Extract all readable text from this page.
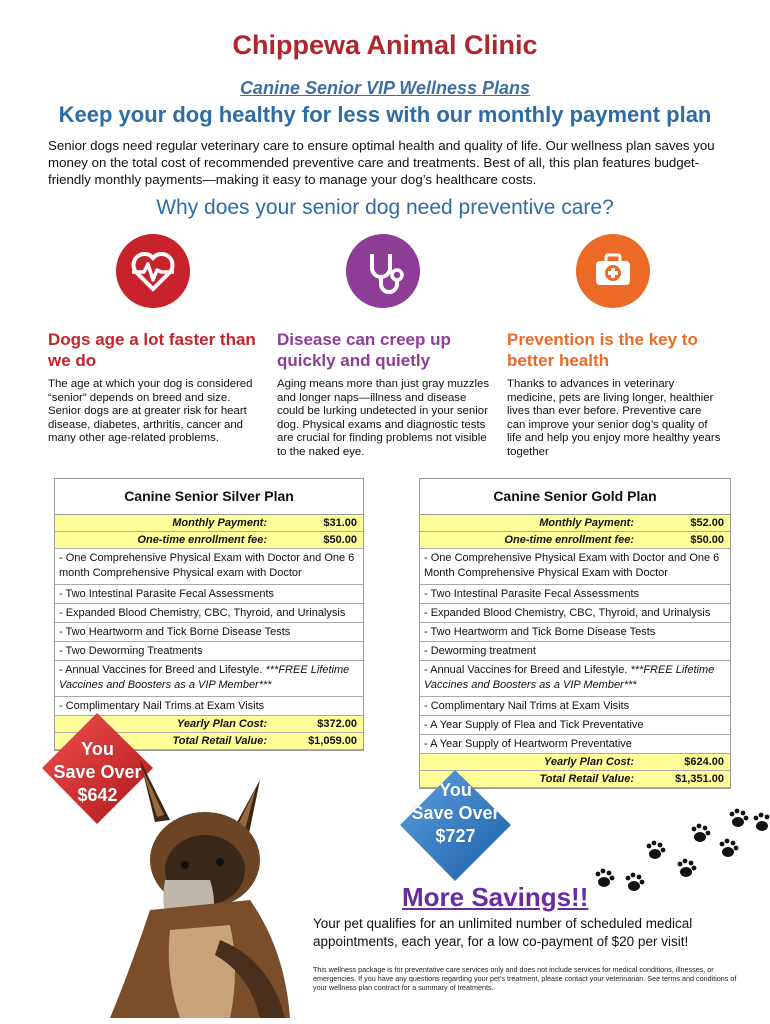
Chippewa Animal Clinic
Canine Senior VIP Wellness Plans
Keep your dog healthy for less with our monthly payment plan
Senior dogs need regular veterinary care to ensure optimal health and quality of life. Our wellness plan saves you money on the total cost of recommended preventive care and treatments. Best of all, this plan features budget-friendly monthly payments—making it easy to manage your dog’s healthcare costs.
Why does your senior dog need preventive care?
Dogs age a lot faster than we do
Disease can creep up quickly and quietly
Prevention is the key to better health
The age at which your dog is considered “senior” depends on breed and size. Senior dogs are at greater risk for heart disease, diabetes, arthritis, cancer and many other age-related problems.
Aging means more than just gray muzzles and longer naps—illness and disease could be lurking undetected in your senior dog. Physical exams and diagnostic tests are crucial for finding problems not visible to the naked eye.
Thanks to advances in veterinary medicine, pets are living longer, healthier lives than ever before. Preventive care can improve your senior dog’s quality of life and help you enjoy more healthy years together
Canine Senior Silver Plan
Monthly Payment:	$31.00
One-time enrollment fee:	$50.00
- One Comprehensive Physical Exam with Doctor and One 6 month Comprehensive Physical exam with Doctor
- Two Intestinal Parasite Fecal Assessments
- Expanded Blood Chemistry, CBC, Thyroid, and Urinalysis
- Two Heartworm and Tick Borne Disease Tests
- Two Deworming Treatments
- Annual Vaccines for Breed and Lifestyle. ***FREE Lifetime Vaccines and Boosters as a VIP Member***
- Complimentary Nail Trims at Exam Visits
Yearly Plan Cost:	$372.00
Total Retail Value:	$1,059.00
Canine Senior Gold Plan
Monthly Payment:	$52.00
One-time enrollment fee:	$50.00
- One Comprehensive Physical Exam with Doctor and One 6 Month Comprehensive Physical Exam with Doctor
- Two Intestinal Parasite Fecal Assessments
- Expanded Blood Chemistry, CBC, Thyroid, and Urinalysis
- Two Heartworm and Tick Borne Disease Tests
- Deworming treatment
- Annual Vaccines for Breed and Lifestyle. ***FREE Lifetime Vaccines and Boosters as a VIP Member***
- Complimentary Nail Trims at Exam Visits
- A Year Supply of Flea and Tick Preventative
- A Year Supply of Heartworm Preventative
Yearly Plan Cost:	$624.00
Total Retail Value:	$1,351.00
You
Save Over
$642	You
Save Over
$727
More Savings!!
Your pet qualifies for an unlimited number of scheduled medical appointments, each year, for a low co-payment of $20 per visit!
This wellness package is for preventative care services only and does not include services for medical conditions, illnesses, or emergencies. If you have any questions regarding your pet’s treatment, please contact your veterinarian. See terms and conditions of your wellness plan contract for a summary of treatments.
